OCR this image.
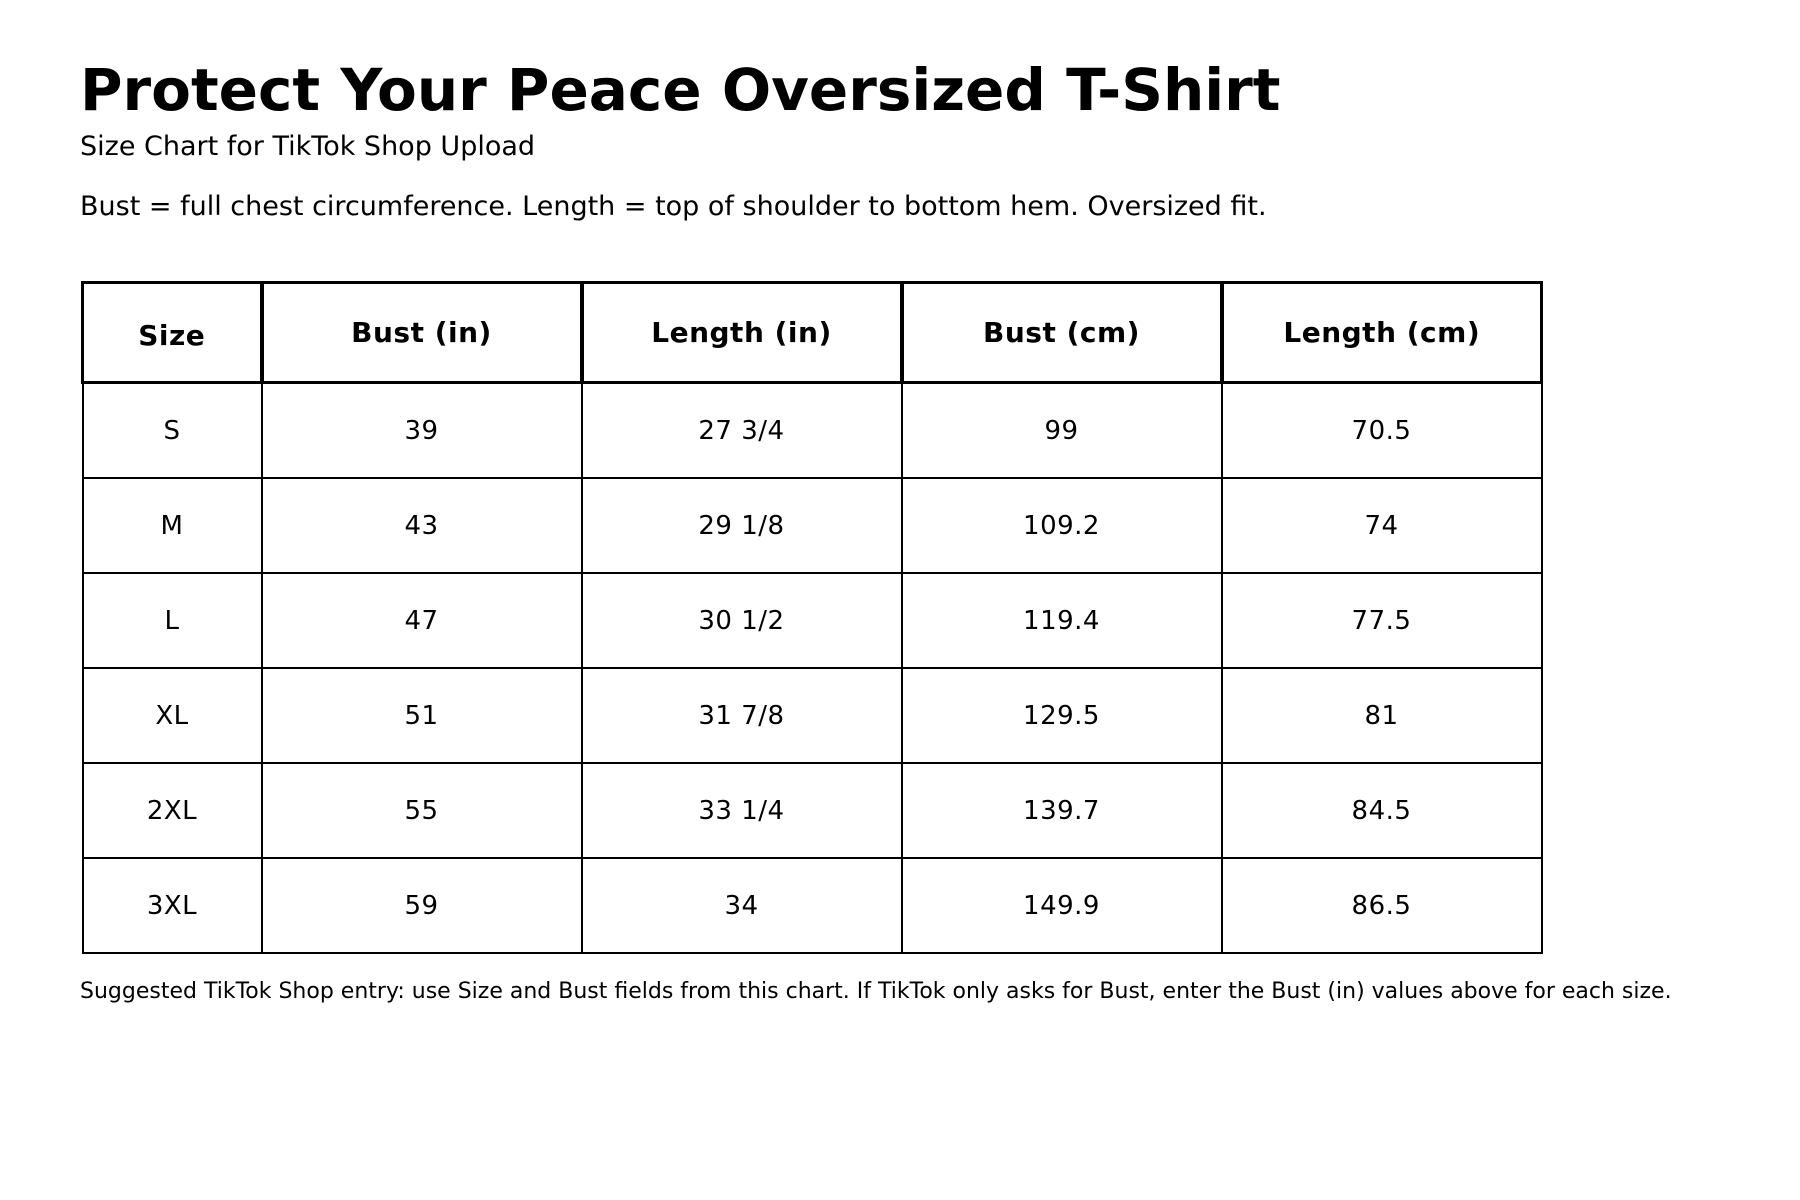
Protect Your Peace Oversized T-Shirt

Size Chart for TikTok Shop Upload

Bust = full chest circumference. Length = top of shoulder to bottom hem. Oversized fit.

Size	Bust (in)	Length (in)	Bust (cm)	Length (cm)
S	39	27 3/4	99	70.5
M	43	29 1/8	109.2	74
L	47	30 1/2	119.4	77.5
XL	51	31 7/8	129.5	81
2XL	55	33 1/4	139.7	84.5
3XL	59	34	149.9	86.5

Suggested TikTok Shop entry: use Size and Bust fields from this chart. If TikTok only asks for Bust, enter the Bust (in) values above for each size.
